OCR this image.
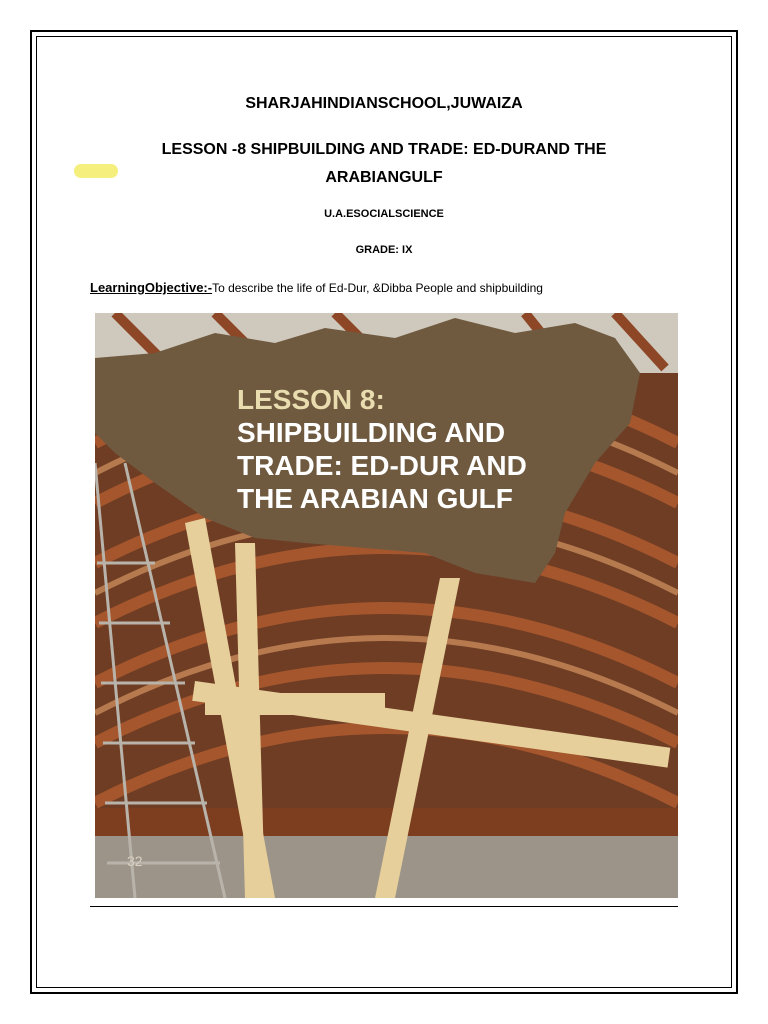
SHARJAHINDIANSCHOOL,JUWAIZA
LESSON -8 SHIPBUILDING AND TRADE: ED-DURAND THE
ARABIANGULF
U.A.ESOCIALSCIENCE
GRADE: IX
LearningObjective:-To describe the life of Ed-Dur, &Dibba People and shipbuilding
LESSON 8:
SHIPBUILDING AND
TRADE: ED-DUR AND
THE ARABIAN GULF
32
